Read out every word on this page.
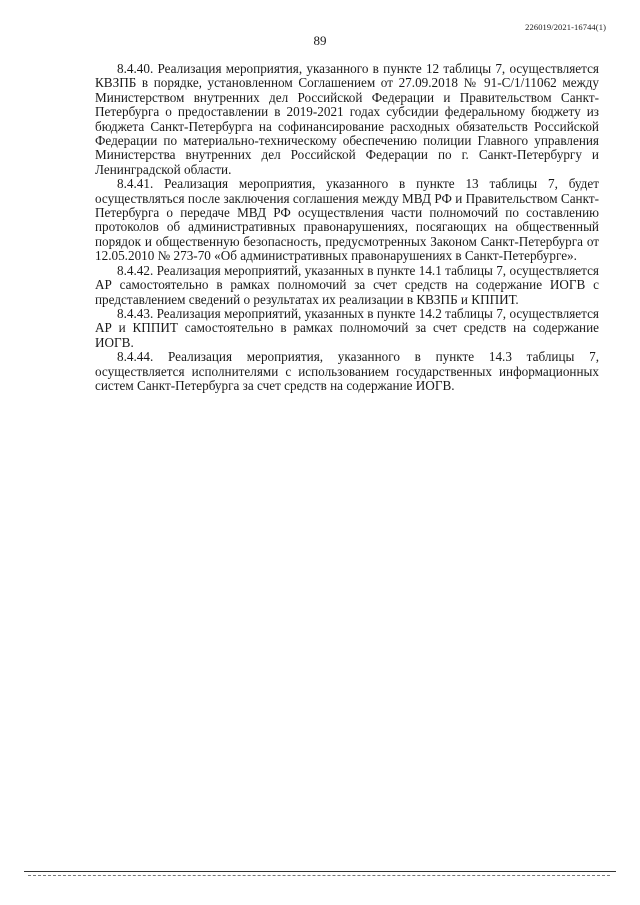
226019/2021-16744(1)
89

8.4.40. Реализация мероприятия, указанного в пункте 12 таблицы 7, осуществляется КВЗПБ в порядке, установленном Соглашением от 27.09.2018 № 91-С/1/11062 между Министерством внутренних дел Российской Федерации и Правительством Санкт-Петербурга о предоставлении в 2019-2021 годах субсидии федеральному бюджету из бюджета Санкт-Петербурга на софинансирование расходных обязательств Российской Федерации по материально-техническому обеспечению полиции Главного управления Министерства внутренних дел Российской Федерации по г. Санкт-Петербургу и Ленинградской области.

8.4.41. Реализация мероприятия, указанного в пункте 13 таблицы 7, будет осуществляться после заключения соглашения между МВД РФ и Правительством Санкт-Петербурга о передаче МВД РФ осуществления части полномочий по составлению протоколов об административных правонарушениях, посягающих на общественный порядок и общественную безопасность, предусмотренных Законом Санкт-Петербурга от 12.05.2010 № 273-70 «Об административных правонарушениях в Санкт-Петербурге».

8.4.42. Реализация мероприятий, указанных в пункте 14.1 таблицы 7, осуществляется АР самостоятельно в рамках полномочий за счет средств на содержание ИОГВ с представлением сведений о результатах их реализации в КВЗПБ и КППИТ.

8.4.43. Реализация мероприятий, указанных в пункте 14.2 таблицы 7, осуществляется АР и КППИТ самостоятельно в рамках полномочий за счет средств на содержание ИОГВ.

8.4.44. Реализация мероприятия, указанного в пункте 14.3 таблицы 7, осуществляется исполнителями с использованием государственных информационных систем Санкт-Петербурга за счет средств на содержание ИОГВ.
